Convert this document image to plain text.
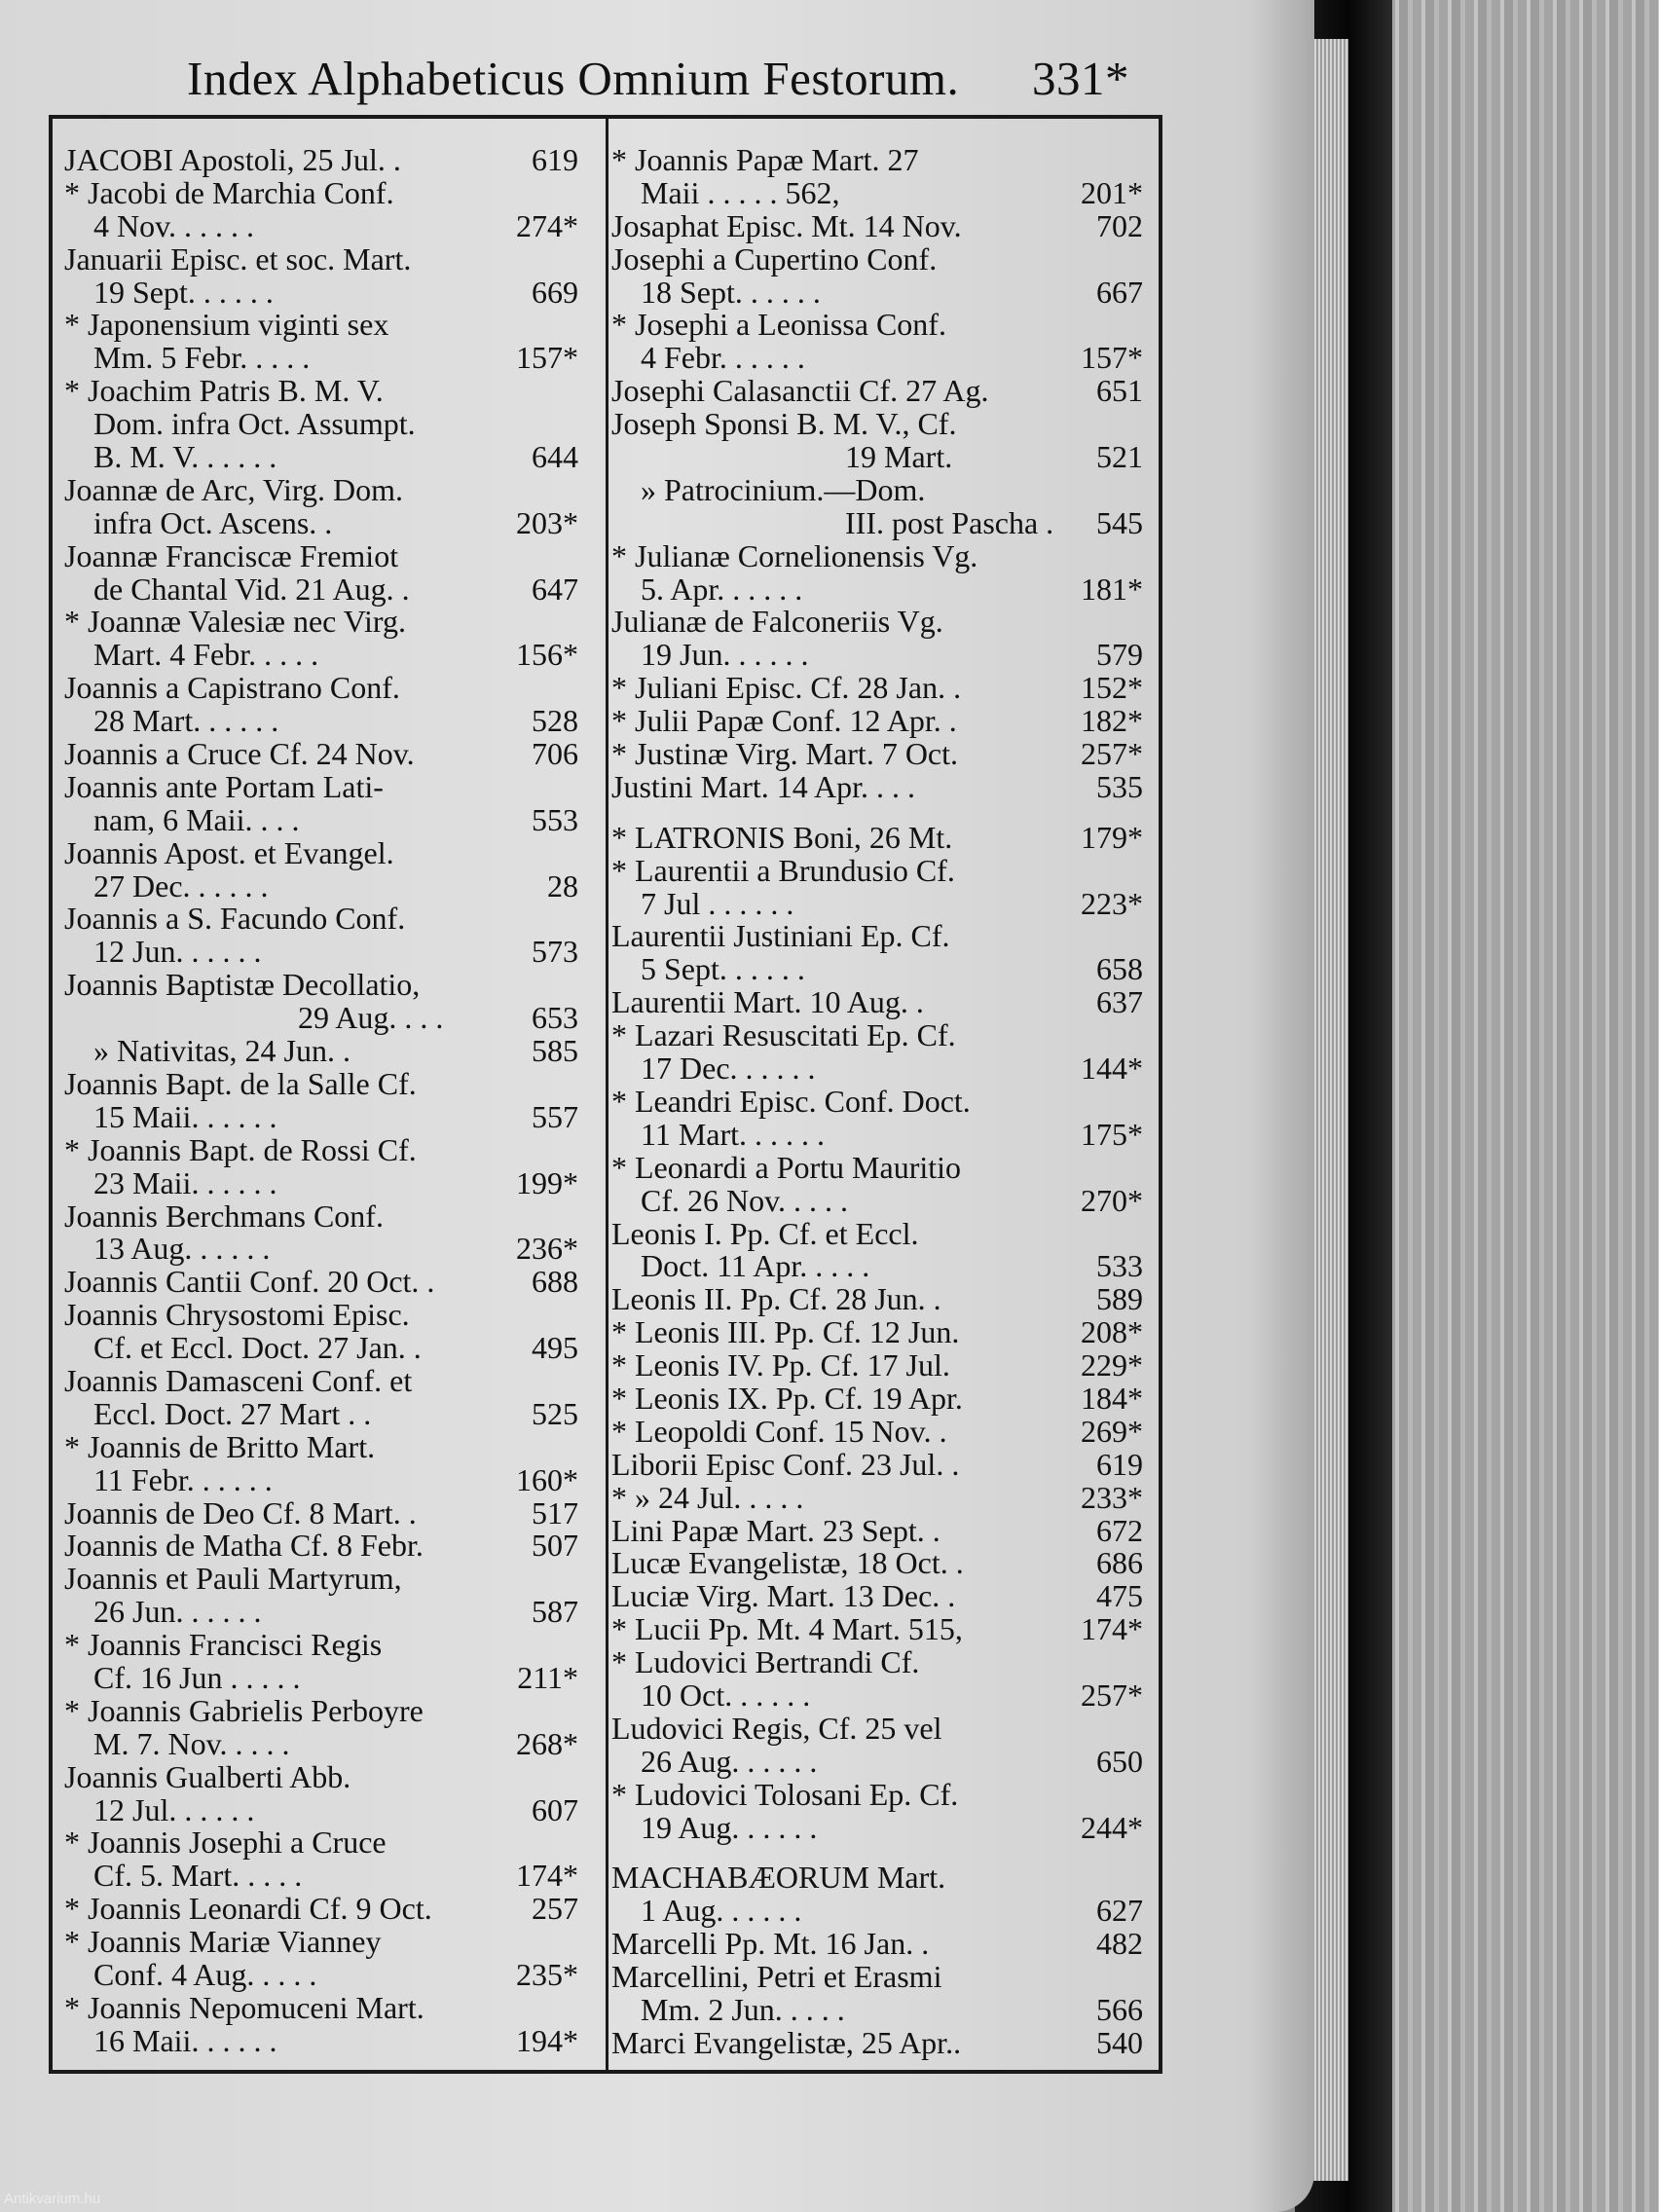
Index Alphabeticus Omnium Festorum. 331*
JACOBI Apostoli, 25 Jul. .	619
* Jacobi de Marchia Conf.
4 Nov. . . . . .	274*
Januarii Episc. et soc. Mart.
19 Sept. . . . . .	669
* Japonensium viginti sex
Mm. 5 Febr. . . . .	157*
* Joachim Patris B. M. V.
Dom. infra Oct. Assumpt.
B. M. V. . . . . .	644
Joannæ de Arc, Virg. Dom.
infra Oct. Ascens. .	203*
Joannæ Franciscæ Fremiot
de Chantal Vid. 21 Aug. .	647
* Joannæ Valesiæ nec Virg.
Mart. 4 Febr. . . . .	156*
Joannis a Capistrano Conf.
28 Mart. . . . . .	528
Joannis a Cruce Cf. 24 Nov.	706
Joannis ante Portam Lati-
nam, 6 Maii. . . .	553
Joannis Apost. et Evangel.
27 Dec. . . . . .	28
Joannis a S. Facundo Conf.
12 Jun. . . . . .	573
Joannis Baptistæ Decollatio,
29 Aug. . . .	653
» Nativitas, 24 Jun. .	585
Joannis Bapt. de la Salle Cf.
15 Maii. . . . . .	557
* Joannis Bapt. de Rossi Cf.
23 Maii. . . . . .	199*
Joannis Berchmans Conf.
13 Aug. . . . . .	236*
Joannis Cantii Conf. 20 Oct. .	688
Joannis Chrysostomi Episc.
Cf. et Eccl. Doct. 27 Jan. .	495
Joannis Damasceni Conf. et
Eccl. Doct. 27 Mart . .	525
* Joannis de Britto Mart.
11 Febr. . . . . .	160*
Joannis de Deo Cf. 8 Mart. .	517
Joannis de Matha Cf. 8 Febr.	507
Joannis et Pauli Martyrum,
26 Jun. . . . . .	587
* Joannis Francisci Regis
Cf. 16 Jun . . . . .	211*
* Joannis Gabrielis Perboyre
M. 7. Nov. . . . .	268*
Joannis Gualberti Abb.
12 Jul. . . . . .	607
* Joannis Josephi a Cruce
Cf. 5. Mart. . . . .	174*
* Joannis Leonardi Cf. 9 Oct.	257
* Joannis Mariæ Vianney
Conf. 4 Aug. . . . .	235*
* Joannis Nepomuceni Mart.
16 Maii. . . . . .	194*
* Joannis Papæ Mart. 27
Maii . . . . . 562,	201*
Josaphat Episc. Mt. 14 Nov.	702
Josephi a Cupertino Conf.
18 Sept. . . . . .	667
* Josephi a Leonissa Conf.
4 Febr. . . . . .	157*
Josephi Calasanctii Cf. 27 Ag.	651
Joseph Sponsi B. M. V., Cf.
19 Mart.	521
» Patrocinium.—Dom.
III. post Pascha . 545
* Julianæ Cornelionensis Vg.
5. Apr. . . . . .	181*
Julianæ de Falconeriis Vg.
19 Jun. . . . . .	579
* Juliani Episc. Cf. 28 Jan. .	152*
* Julii Papæ Conf. 12 Apr. .	182*
* Justinæ Virg. Mart. 7 Oct.	257*
Justini Mart. 14 Apr. . . .	535
* LATRONIS Boni, 26 Mt.	179*
* Laurentii a Brundusio Cf.
7 Jul . . . . . .	223*
Laurentii Justiniani Ep. Cf.
5 Sept. . . . . .	658
Laurentii Mart. 10 Aug. .	637
* Lazari Resuscitati Ep. Cf.
17 Dec. . . . . .	144*
* Leandri Episc. Conf. Doct.
11 Mart. . . . . .	175*
* Leonardi a Portu Mauritio
Cf. 26 Nov. . . . .	270*
Leonis I. Pp. Cf. et Eccl.
Doct. 11 Apr. . . . .	533
Leonis II. Pp. Cf. 28 Jun. .	589
* Leonis III. Pp. Cf. 12 Jun.	208*
* Leonis IV. Pp. Cf. 17 Jul.	229*
* Leonis IX. Pp. Cf. 19 Apr.	184*
* Leopoldi Conf. 15 Nov. .	269*
Liborii Episc Conf. 23 Jul. .	619
* » 24 Jul. . . . .	233*
Lini Papæ Mart. 23 Sept. .	672
Lucæ Evangelistæ, 18 Oct. .	686
Luciæ Virg. Mart. 13 Dec. .	475
* Lucii Pp. Mt. 4 Mart. 515,	174*
* Ludovici Bertrandi Cf.
10 Oct. . . . . .	257*
Ludovici Regis, Cf. 25 vel
26 Aug. . . . . .	650
* Ludovici Tolosani Ep. Cf.
19 Aug. . . . . .	244*
MACHABÆORUM Mart.
1 Aug. . . . . .	627
Marcelli Pp. Mt. 16 Jan. .	482
Marcellini, Petri et Erasmi
Mm. 2 Jun. . . . .	566
Marci Evangelistæ, 25 Apr..	540
Antikvarium.hu
